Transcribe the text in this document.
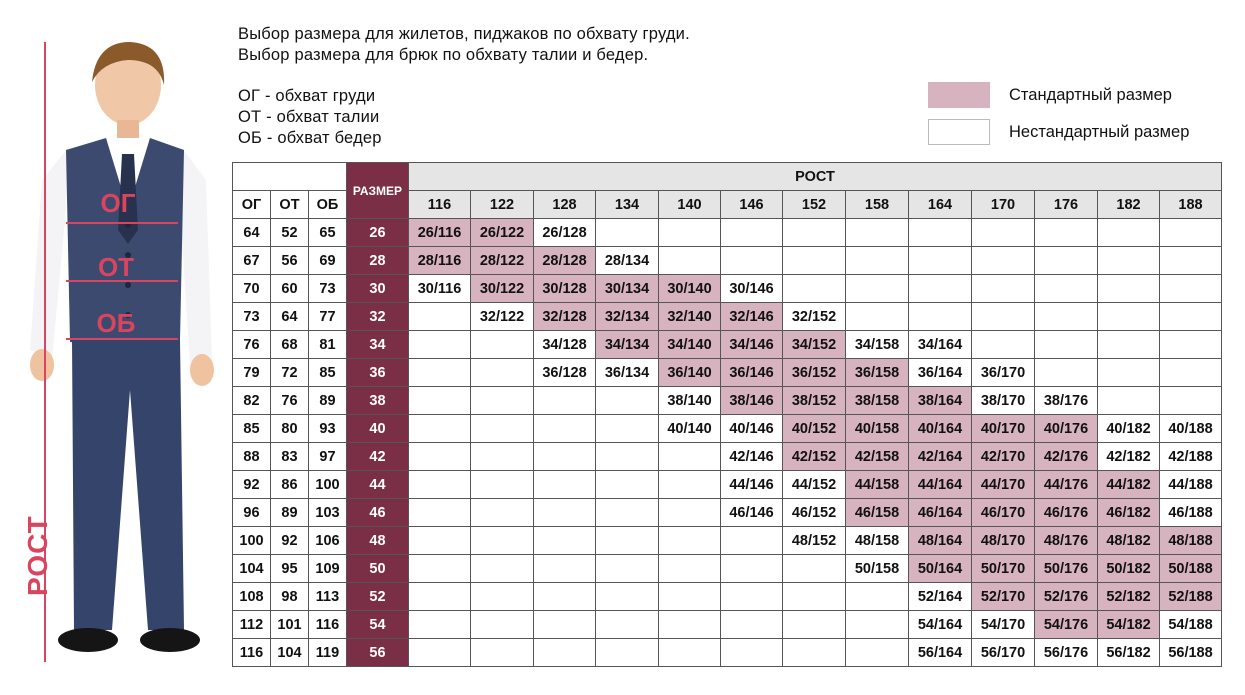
РОСТ
ОГ
ОТ
ОБ
Выбор размера для жилетов, пиджаков по обхвату груди.
Выбор размера для брюк по обхвату талии и бедер.
ОГ - обхват груди
ОТ - обхват талии
ОБ - обхват бедер
Стандартный размер
Нестандартный размер
			РАЗМЕР	РОСТ												
ОГ	ОТ	ОБ		116	122	128	134	140	146	152	158	164	170	176	182	188
64	52	65	26	26/116	26/122	26/128										
67	56	69	28	28/116	28/122	28/128	28/134									
70	60	73	30	30/116	30/122	30/128	30/134	30/140	30/146							
73	64	77	32		32/122	32/128	32/134	32/140	32/146	32/152						
76	68	81	34			34/128	34/134	34/140	34/146	34/152	34/158	34/164				
79	72	85	36			36/128	36/134	36/140	36/146	36/152	36/158	36/164	36/170			
82	76	89	38					38/140	38/146	38/152	38/158	38/164	38/170	38/176		
85	80	93	40					40/140	40/146	40/152	40/158	40/164	40/170	40/176	40/182	40/188
88	83	97	42						42/146	42/152	42/158	42/164	42/170	42/176	42/182	42/188
92	86	100	44						44/146	44/152	44/158	44/164	44/170	44/176	44/182	44/188
96	89	103	46						46/146	46/152	46/158	46/164	46/170	46/176	46/182	46/188
100	92	106	48							48/152	48/158	48/164	48/170	48/176	48/182	48/188
104	95	109	50								50/158	50/164	50/170	50/176	50/182	50/188
108	98	113	52									52/164	52/170	52/176	52/182	52/188
112	101	116	54									54/164	54/170	54/176	54/182	54/188
116	104	119	56									56/164	56/170	56/176	56/182	56/188
